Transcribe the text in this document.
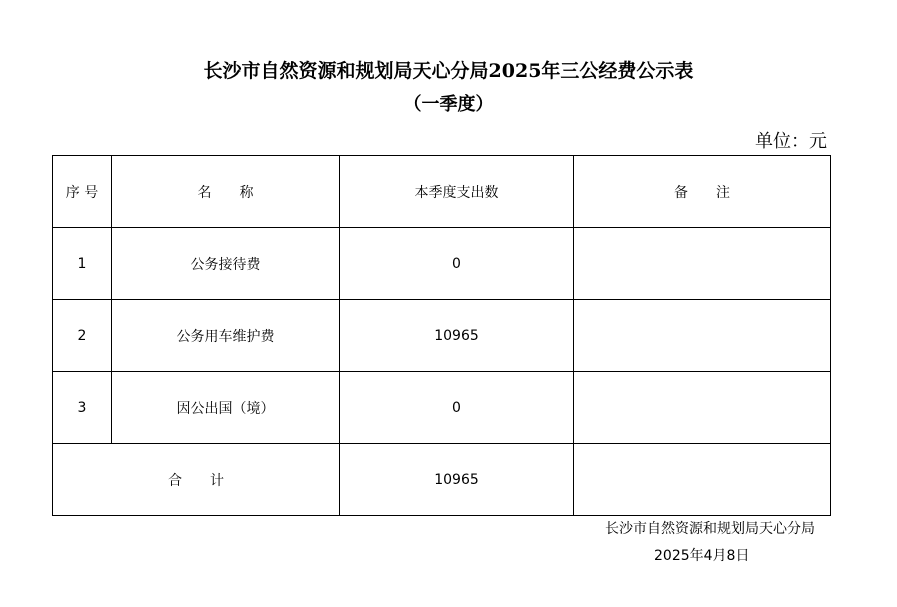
长沙市自然资源和规划局天心分局2025年三公经费公示表
（一季度）
单位：元
序 号	名　　称	本季度支出数	备　　注
1	公务接待费	0	
2	公务用车维护费	10965	
3	因公出国（境）	0	
合　　计		10965	
长沙市自然资源和规划局天心分局
2025年4月8日
